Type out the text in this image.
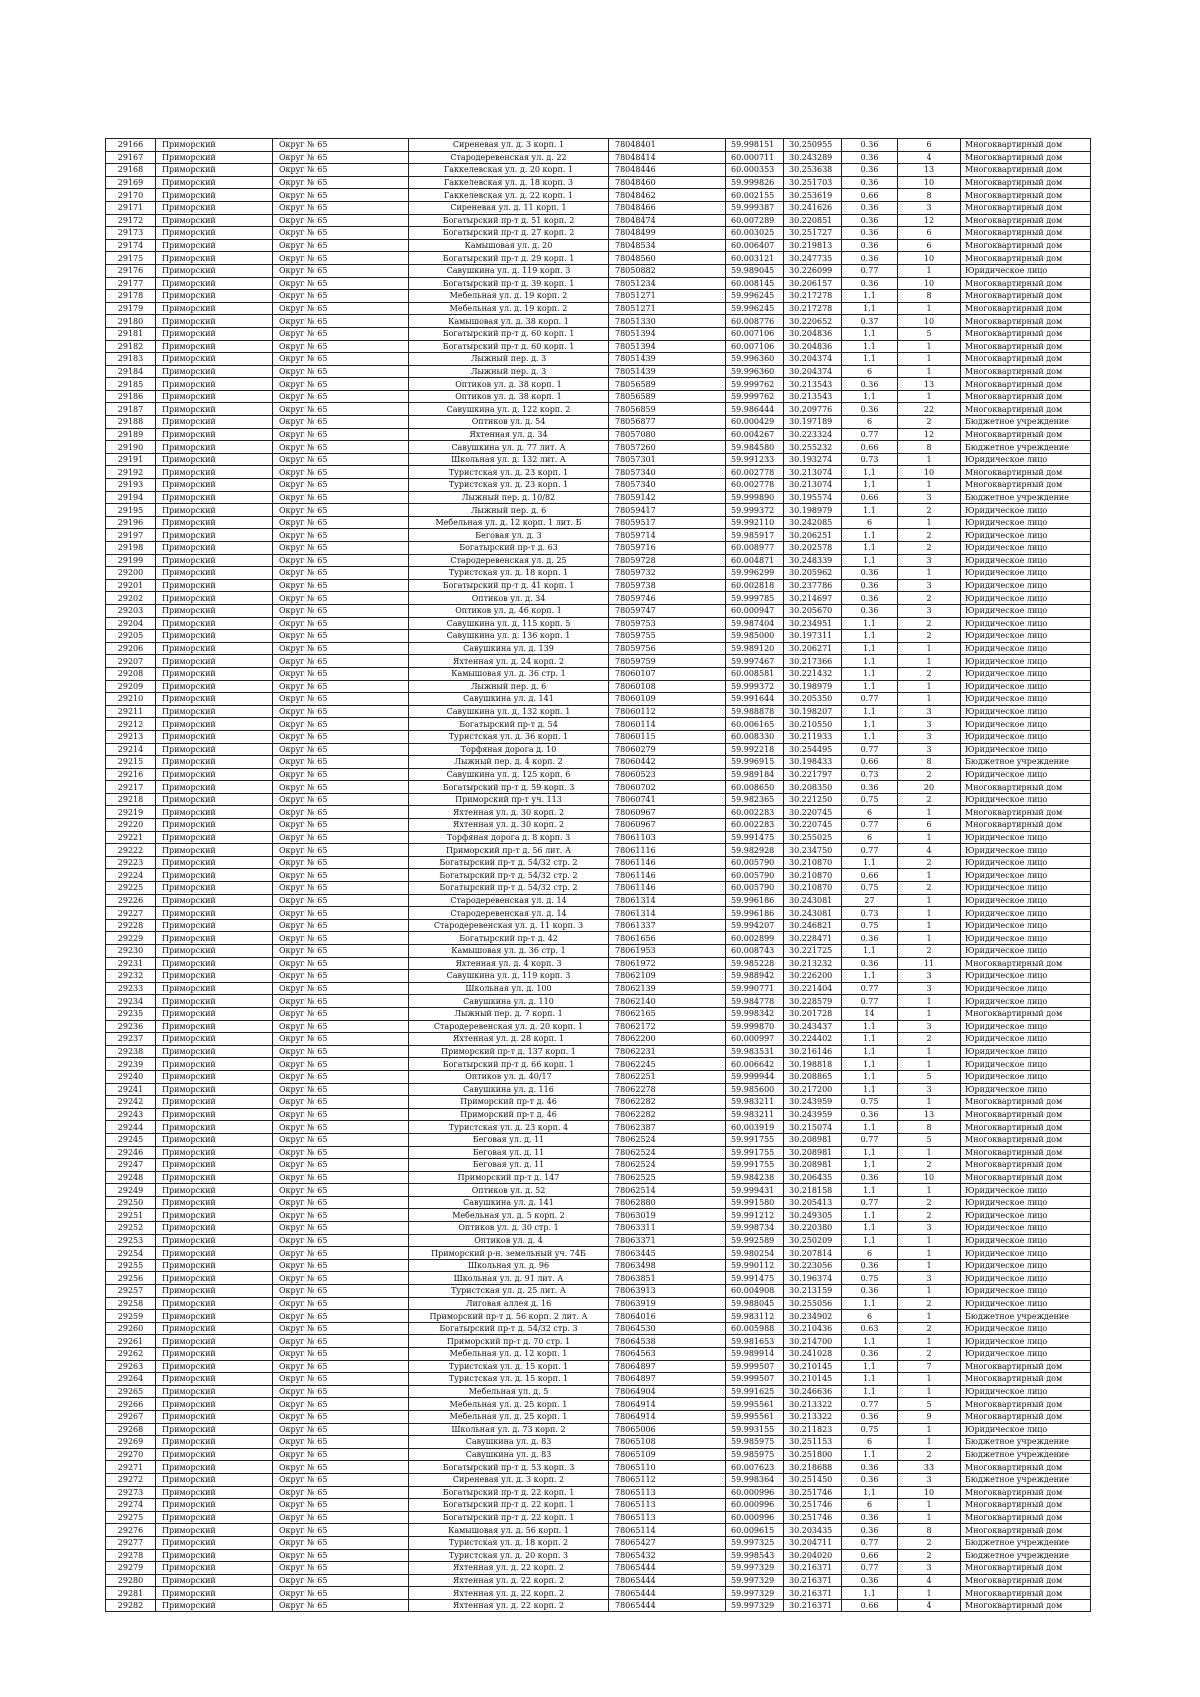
29166	Приморский	Округ № 65	Сиреневая ул. д. 3 корп. 1	78048401	59.998151	30.250955	0.36	6	Многоквартирный дом
29167	Приморский	Округ № 65	Стародеревенская ул. д. 22	78048414	60.000711	30.243289	0.36	4	Многоквартирный дом
29168	Приморский	Округ № 65	Гаккелевская ул. д. 20 корп. 1	78048446	60.000353	30.253638	0.36	13	Многоквартирный дом
29169	Приморский	Округ № 65	Гаккелевская ул. д. 18 корп. 3	78048460	59.999826	30.251703	0.36	10	Многоквартирный дом
29170	Приморский	Округ № 65	Гаккелевская ул. д. 22 корп. 1	78048462	60.002155	30.253619	0.66	8	Многоквартирный дом
29171	Приморский	Округ № 65	Сиреневая ул. д. 11 корп. 1	78048466	59.999387	30.241626	0.36	3	Многоквартирный дом
29172	Приморский	Округ № 65	Богатырский пр-т д. 51 корп. 2	78048474	60.007289	30.220851	0.36	12	Многоквартирный дом
29173	Приморский	Округ № 65	Богатырский пр-т д. 27 корп. 2	78048499	60.003025	30.251727	0.36	6	Многоквартирный дом
29174	Приморский	Округ № 65	Камышовая ул. д. 20	78048534	60.006407	30.219813	0.36	6	Многоквартирный дом
29175	Приморский	Округ № 65	Богатырский пр-т д. 29 корп. 1	78048560	60.003121	30.247735	0.36	10	Многоквартирный дом
29176	Приморский	Округ № 65	Савушкина ул. д. 119 корп. 3	78050882	59.989045	30.226099	0.77	1	Юридическое лицо
29177	Приморский	Округ № 65	Богатырский пр-т д. 39 корп. 1	78051234	60.008145	30.206157	0.36	10	Многоквартирный дом
29178	Приморский	Округ № 65	Мебельная ул. д. 19 корп. 2	78051271	59.996245	30.217278	1.1	8	Многоквартирный дом
29179	Приморский	Округ № 65	Мебельная ул. д. 19 корп. 2	78051271	59.996245	30.217278	1.1	1	Многоквартирный дом
29180	Приморский	Округ № 65	Камышовая ул. д. 38 корп. 1	78051330	60.008776	30.220652	0.37	10	Многоквартирный дом
29181	Приморский	Округ № 65	Богатырский пр-т д. 60 корп. 1	78051394	60.007106	30.204836	1.1	5	Многоквартирный дом
29182	Приморский	Округ № 65	Богатырский пр-т д. 60 корп. 1	78051394	60.007106	30.204836	1.1	1	Многоквартирный дом
29183	Приморский	Округ № 65	Лыжный пер. д. 3	78051439	59.996360	30.204374	1.1	1	Многоквартирный дом
29184	Приморский	Округ № 65	Лыжный пер. д. 3	78051439	59.996360	30.204374	6	1	Многоквартирный дом
29185	Приморский	Округ № 65	Оптиков ул. д. 38 корп. 1	78056589	59.999762	30.213543	0.36	13	Многоквартирный дом
29186	Приморский	Округ № 65	Оптиков ул. д. 38 корп. 1	78056589	59.999762	30.213543	1.1	1	Многоквартирный дом
29187	Приморский	Округ № 65	Савушкина ул. д. 122 корп. 2	78056859	59.986444	30.209776	0.36	22	Многоквартирный дом
29188	Приморский	Округ № 65	Оптиков ул. д. 54	78056877	60.000429	30.197189	6	2	Бюджетное учреждение
29189	Приморский	Округ № 65	Яхтенная ул. д. 34	78057080	60.004267	30.223324	0.77	12	Многоквартирный дом
29190	Приморский	Округ № 65	Савушкина ул. д. 77 лит. А	78057260	59.984580	30.255232	0.66	8	Бюджетное учреждение
29191	Приморский	Округ № 65	Школьная ул. д. 132 лит. А	78057301	59.991233	30.193274	0.73	1	Юридическое лицо
29192	Приморский	Округ № 65	Туристская ул. д. 23 корп. 1	78057340	60.002778	30.213074	1.1	10	Многоквартирный дом
29193	Приморский	Округ № 65	Туристская ул. д. 23 корп. 1	78057340	60.002778	30.213074	1.1	1	Многоквартирный дом
29194	Приморский	Округ № 65	Лыжный пер. д. 10/82	78059142	59.999890	30.195574	0.66	3	Бюджетное учреждение
29195	Приморский	Округ № 65	Лыжный пер. д. 6	78059417	59.999372	30.198979	1.1	2	Юридическое лицо
29196	Приморский	Округ № 65	Мебельная ул. д. 12 корп. 1 лит. Б	78059517	59.992110	30.242085	6	1	Юридическое лицо
29197	Приморский	Округ № 65	Беговая ул. д. 3	78059714	59.985917	30.206251	1.1	2	Юридическое лицо
29198	Приморский	Округ № 65	Богатырский пр-т д. 63	78059716	60.008977	30.202578	1.1	2	Юридическое лицо
29199	Приморский	Округ № 65	Стародеревенская ул. д. 25	78059728	60.004871	30.248339	1.1	3	Юридическое лицо
29200	Приморский	Округ № 65	Туристская ул. д. 18 корп. 1	78059732	59.996299	30.205962	0.36	1	Юридическое лицо
29201	Приморский	Округ № 65	Богатырский пр-т д. 41 корп. 1	78059738	60.002818	30.237786	0.36	3	Юридическое лицо
29202	Приморский	Округ № 65	Оптиков ул. д. 34	78059746	59.999785	30.214697	0.36	2	Юридическое лицо
29203	Приморский	Округ № 65	Оптиков ул. д. 46 корп. 1	78059747	60.000947	30.205670	0.36	3	Юридическое лицо
29204	Приморский	Округ № 65	Савушкина ул. д. 115 корп. 5	78059753	59.987404	30.234951	1.1	2	Юридическое лицо
29205	Приморский	Округ № 65	Савушкина ул. д. 136 корп. 1	78059755	59.985000	30.197311	1.1	2	Юридическое лицо
29206	Приморский	Округ № 65	Савушкина ул. д. 139	78059756	59.989120	30.206271	1.1	1	Юридическое лицо
29207	Приморский	Округ № 65	Яхтенная ул. д. 24 корп. 2	78059759	59.997467	30.217366	1.1	1	Юридическое лицо
29208	Приморский	Округ № 65	Камышовая ул. д. 36 стр. 1	78060107	60.008581	30.221432	1.1	2	Юридическое лицо
29209	Приморский	Округ № 65	Лыжный пер. д. 6	78060108	59.999372	30.198979	1.1	1	Юридическое лицо
29210	Приморский	Округ № 65	Савушкина ул. д. 141	78060109	59.991644	30.205350	0.77	1	Юридическое лицо
29211	Приморский	Округ № 65	Савушкина ул. д. 132 корп. 1	78060112	59.988878	30.198207	1.1	3	Юридическое лицо
29212	Приморский	Округ № 65	Богатырский пр-т д. 54	78060114	60.006165	30.210550	1.1	3	Юридическое лицо
29213	Приморский	Округ № 65	Туристская ул. д. 36 корп. 1	78060115	60.008330	30.211933	1.1	3	Юридическое лицо
29214	Приморский	Округ № 65	Торфяная дорога д. 10	78060279	59.992218	30.254495	0.77	3	Юридическое лицо
29215	Приморский	Округ № 65	Лыжный пер. д. 4 корп. 2	78060442	59.996915	30.198433	0.66	8	Бюджетное учреждение
29216	Приморский	Округ № 65	Савушкина ул. д. 125 корп. 6	78060523	59.989184	30.221797	0.73	2	Юридическое лицо
29217	Приморский	Округ № 65	Богатырский пр-т д. 59 корп. 3	78060702	60.008650	30.208350	0.36	20	Многоквартирный дом
29218	Приморский	Округ № 65	Приморский пр-т уч. 113	78060741	59.982365	30.221250	0.75	2	Юридическое лицо
29219	Приморский	Округ № 65	Яхтенная ул. д. 30 корп. 2	78060967	60.002283	30.220745	6	1	Многоквартирный дом
29220	Приморский	Округ № 65	Яхтенная ул. д. 30 корп. 2	78060967	60.002283	30.220745	0.77	6	Многоквартирный дом
29221	Приморский	Округ № 65	Торфяная дорога д. 8 корп. 3	78061103	59.991475	30.255025	6	1	Юридическое лицо
29222	Приморский	Округ № 65	Приморский пр-т д. 56 лит. А	78061116	59.982928	30.234750	0.77	4	Юридическое лицо
29223	Приморский	Округ № 65	Богатырский пр-т д. 54/32 стр. 2	78061146	60.005790	30.210870	1.1	2	Юридическое лицо
29224	Приморский	Округ № 65	Богатырский пр-т д. 54/32 стр. 2	78061146	60.005790	30.210870	0.66	1	Юридическое лицо
29225	Приморский	Округ № 65	Богатырский пр-т д. 54/32 стр. 2	78061146	60.005790	30.210870	0.75	2	Юридическое лицо
29226	Приморский	Округ № 65	Стародеревенская ул. д. 14	78061314	59.996186	30.243081	27	1	Юридическое лицо
29227	Приморский	Округ № 65	Стародеревенская ул. д. 14	78061314	59.996186	30.243081	0.73	1	Юридическое лицо
29228	Приморский	Округ № 65	Стародеревенская ул. д. 11 корп. 3	78061337	59.994207	30.246821	0.75	1	Юридическое лицо
29229	Приморский	Округ № 65	Богатырский пр-т д. 42	78061656	60.002899	30.228471	0.36	1	Юридическое лицо
29230	Приморский	Округ № 65	Камышовая ул. д. 36 стр. 1	78061953	60.008743	30.221725	1.1	2	Юридическое лицо
29231	Приморский	Округ № 65	Яхтенная ул. д. 4 корп. 3	78061972	59.985228	30.213232	0.36	11	Многоквартирный дом
29232	Приморский	Округ № 65	Савушкина ул. д. 119 корп. 3	78062109	59.988942	30.226200	1.1	3	Юридическое лицо
29233	Приморский	Округ № 65	Школьная ул. д. 100	78062139	59.990771	30.221404	0.77	3	Юридическое лицо
29234	Приморский	Округ № 65	Савушкина ул. д. 110	78062140	59.984778	30.228579	0.77	1	Юридическое лицо
29235	Приморский	Округ № 65	Лыжный пер. д. 7 корп. 1	78062165	59.998342	30.201728	14	1	Многоквартирный дом
29236	Приморский	Округ № 65	Стародеревенская ул. д. 20 корп. 1	78062172	59.999870	30.243437	1.1	3	Юридическое лицо
29237	Приморский	Округ № 65	Яхтенная ул. д. 28 корп. 1	78062200	60.000997	30.224402	1.1	2	Юридическое лицо
29238	Приморский	Округ № 65	Приморский пр-т д. 137 корп. 1	78062231	59.983531	30.216146	1.1	1	Юридическое лицо
29239	Приморский	Округ № 65	Богатырский пр-т д. 66 корп. 1	78062245	60.006642	30.198818	1.1	1	Юридическое лицо
29240	Приморский	Округ № 65	Оптиков ул. д. 40/17	78062251	59.999944	30.208865	1.1	5	Юридическое лицо
29241	Приморский	Округ № 65	Савушкина ул. д. 116	78062278	59.985600	30.217200	1.1	3	Юридическое лицо
29242	Приморский	Округ № 65	Приморский пр-т д. 46	78062282	59.983211	30.243959	0.75	1	Многоквартирный дом
29243	Приморский	Округ № 65	Приморский пр-т д. 46	78062282	59.983211	30.243959	0.36	13	Многоквартирный дом
29244	Приморский	Округ № 65	Туристская ул. д. 23 корп. 4	78062387	60.003919	30.215074	1.1	8	Многоквартирный дом
29245	Приморский	Округ № 65	Беговая ул. д. 11	78062524	59.991755	30.208981	0.77	5	Многоквартирный дом
29246	Приморский	Округ № 65	Беговая ул. д. 11	78062524	59.991755	30.208981	1.1	1	Многоквартирный дом
29247	Приморский	Округ № 65	Беговая ул. д. 11	78062524	59.991755	30.208981	1.1	2	Многоквартирный дом
29248	Приморский	Округ № 65	Приморский пр-т д. 147	78062525	59.984238	30.206435	0.36	10	Многоквартирный дом
29249	Приморский	Округ № 65	Оптиков ул. д. 52	78062514	59.999431	30.218158	1.1	1	Юридическое лицо
29250	Приморский	Округ № 65	Савушкина ул. д. 141	78062880	59.991580	30.205413	0.77	2	Юридическое лицо
29251	Приморский	Округ № 65	Мебельная ул. д. 5 корп. 2	78063019	59.991212	30.249305	1.1	2	Юридическое лицо
29252	Приморский	Округ № 65	Оптиков ул. д. 30 стр. 1	78063311	59.998734	30.220380	1.1	3	Юридическое лицо
29253	Приморский	Округ № 65	Оптиков ул. д. 4	78063371	59.992589	30.250209	1.1	1	Юридическое лицо
29254	Приморский	Округ № 65	Приморский р-н. земельный уч. 74Б	78063445	59.980254	30.207814	6	1	Юридическое лицо
29255	Приморский	Округ № 65	Школьная ул. д. 96	78063498	59.990112	30.223056	0.36	1	Юридическое лицо
29256	Приморский	Округ № 65	Школьная ул. д. 91 лит. А	78063851	59.991475	30.196374	0.75	3	Юридическое лицо
29257	Приморский	Округ № 65	Туристская ул. д. 25 лит. А	78063913	60.004908	30.213159	0.36	1	Юридическое лицо
29258	Приморский	Округ № 65	Лиговая аллея д. 16	78063919	59.988045	30.255056	1.1	2	Юридическое лицо
29259	Приморский	Округ № 65	Приморский пр-т д. 56 корп. 2 лит. А	78064016	59.983112	30.234902	6	1	Бюджетное учреждение
29260	Приморский	Округ № 65	Богатырский пр-т д. 54/32 стр. 3	78064530	60.005988	30.210436	0.63	2	Юридическое лицо
29261	Приморский	Округ № 65	Приморский пр-т д. 70 стр. 1	78064538	59.981653	30.214700	1.1	1	Юридическое лицо
29262	Приморский	Округ № 65	Мебельная ул. д. 12 корп. 1	78064563	59.989914	30.241028	0.36	2	Юридическое лицо
29263	Приморский	Округ № 65	Туристская ул. д. 15 корп. 1	78064897	59.999507	30.210145	1.1	7	Многоквартирный дом
29264	Приморский	Округ № 65	Туристская ул. д. 15 корп. 1	78064897	59.999507	30.210145	1.1	1	Многоквартирный дом
29265	Приморский	Округ № 65	Мебельная ул. д. 5	78064904	59.991625	30.246636	1.1	1	Юридическое лицо
29266	Приморский	Округ № 65	Мебельная ул. д. 25 корп. 1	78064914	59.995561	30.213322	0.77	5	Многоквартирный дом
29267	Приморский	Округ № 65	Мебельная ул. д. 25 корп. 1	78064914	59.995561	30.213322	0.36	9	Многоквартирный дом
29268	Приморский	Округ № 65	Школьная ул. д. 73 корп. 2	78065006	59.993155	30.211823	0.75	1	Юридическое лицо
29269	Приморский	Округ № 65	Савушкина ул. д. 83	78065108	59.985975	30.251153	6	1	Бюджетное учреждение
29270	Приморский	Округ № 65	Савушкина ул. д. 83	78065109	59.985975	30.251800	1.1	2	Бюджетное учреждение
29271	Приморский	Округ № 65	Богатырский пр-т д. 53 корп. 3	78065110	60.007623	30.218688	0.36	33	Многоквартирный дом
29272	Приморский	Округ № 65	Сиреневая ул. д. 3 корп. 2	78065112	59.998364	30.251450	0.36	3	Бюджетное учреждение
29273	Приморский	Округ № 65	Богатырский пр-т д. 22 корп. 1	78065113	60.000996	30.251746	1.1	10	Многоквартирный дом
29274	Приморский	Округ № 65	Богатырский пр-т д. 22 корп. 1	78065113	60.000996	30.251746	6	1	Многоквартирный дом
29275	Приморский	Округ № 65	Богатырский пр-т д. 22 корп. 1	78065113	60.000996	30.251746	0.36	1	Многоквартирный дом
29276	Приморский	Округ № 65	Камышовая ул. д. 56 корп. 1	78065114	60.009615	30.203435	0.36	8	Многоквартирный дом
29277	Приморский	Округ № 65	Туристская ул. д. 18 корп. 2	78065427	59.997325	30.204711	0.77	2	Бюджетное учреждение
29278	Приморский	Округ № 65	Туристская ул. д. 20 корп. 3	78065432	59.998543	30.204020	0.66	2	Бюджетное учреждение
29279	Приморский	Округ № 65	Яхтенная ул. д. 22 корп. 2	78065444	59.997329	30.216371	0.77	3	Многоквартирный дом
29280	Приморский	Округ № 65	Яхтенная ул. д. 22 корп. 2	78065444	59.997329	30.216371	0.36	4	Многоквартирный дом
29281	Приморский	Округ № 65	Яхтенная ул. д. 22 корп. 2	78065444	59.997329	30.216371	1.1	1	Многоквартирный дом
29282	Приморский	Округ № 65	Яхтенная ул. д. 22 корп. 2	78065444	59.997329	30.216371	0.66	4	Многоквартирный дом
